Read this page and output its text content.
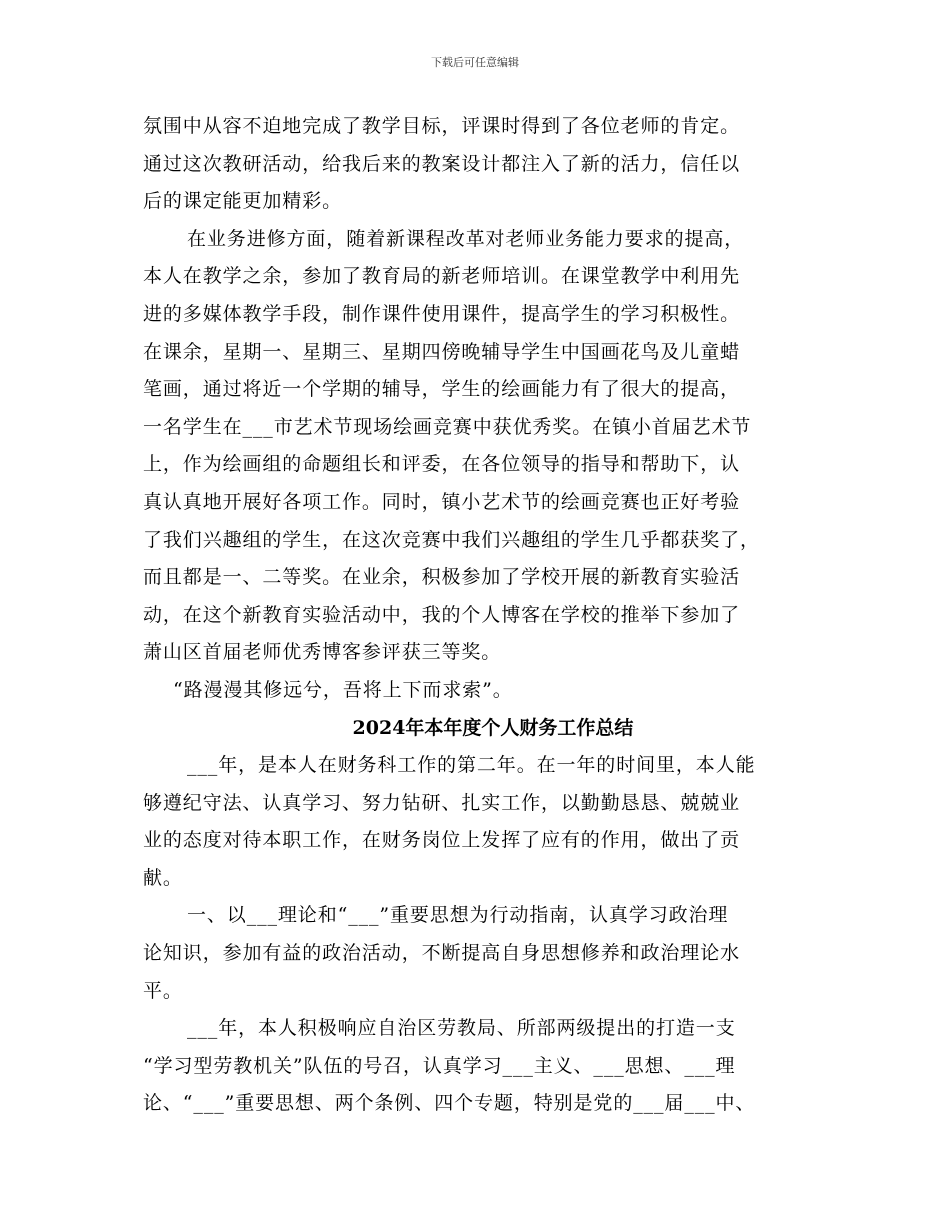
下载后可任意编辑
氛围中从容不迫地完成了教学目标，评课时得到了各位老师的肯定。
通过这次教研活动，给我后来的教案设计都注入了新的活力，信任以
后的课定能更加精彩。
在业务进修方面，随着新课程改革对老师业务能力要求的提高，
本人在教学之余，参加了教育局的新老师培训。在课堂教学中利用先
进的多媒体教学手段，制作课件使用课件，提高学生的学习积极性。
在课余，星期一、星期三、星期四傍晚辅导学生中国画花鸟及儿童蜡
笔画，通过将近一个学期的辅导，学生的绘画能力有了很大的提高，
一名学生在___市艺术节现场绘画竞赛中获优秀奖。在镇小首届艺术节
上，作为绘画组的命题组长和评委，在各位领导的指导和帮助下，认
真认真地开展好各项工作。同时，镇小艺术节的绘画竞赛也正好考验
了我们兴趣组的学生，在这次竞赛中我们兴趣组的学生几乎都获奖了，
而且都是一、二等奖。在业余，积极参加了学校开展的新教育实验活
动，在这个新教育实验活动中，我的个人博客在学校的推举下参加了
萧山区首届老师优秀博客参评获三等奖。
“路漫漫其修远兮，吾将上下而求索”。
2024年本年度个人财务工作总结
___年，是本人在财务科工作的第二年。在一年的时间里，本人能
够遵纪守法、认真学习、努力钻研、扎实工作，以勤勤恳恳、兢兢业
业的态度对待本职工作，在财务岗位上发挥了应有的作用，做出了贡
献。
一、以___理论和“___”重要思想为行动指南，认真学习政治理
论知识，参加有益的政治活动，不断提高自身思想修养和政治理论水
平。
___年，本人积极响应自治区劳教局、所部两级提出的打造一支
“学习型劳教机关”队伍的号召，认真学习___主义、___思想、___理
论、“___”重要思想、两个条例、四个专题，特别是党的___届___中、
